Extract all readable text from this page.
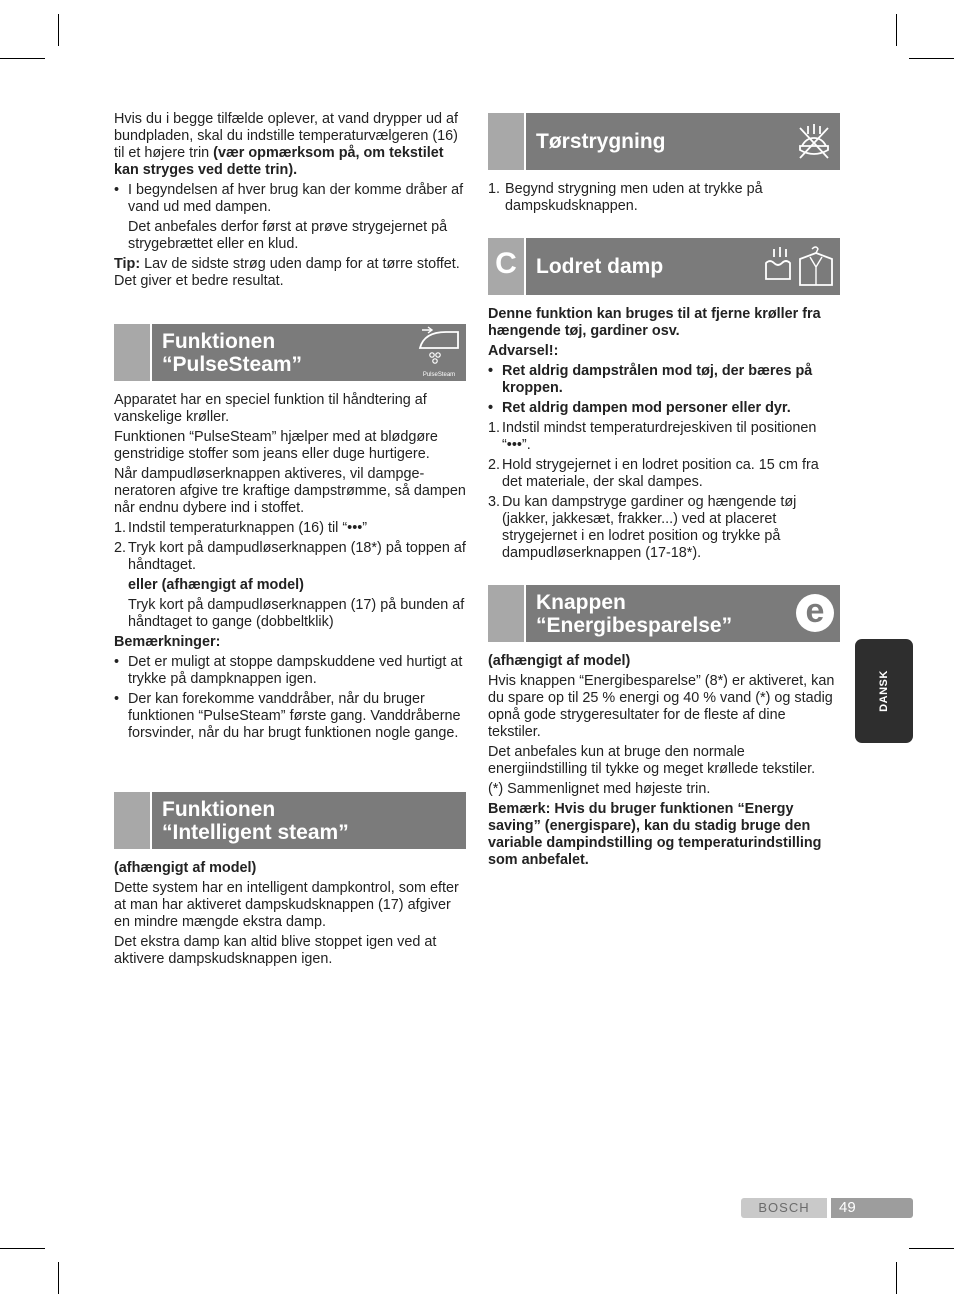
Hvis du i begge tilfælde oplever, at vand drypper ud af bundpladen, skal du indstille temperaturvælgeren (16) til et højere trin (vær opmærksom på, om tekstilet kan stryges ved dette trin).

• I begyndelsen af hver brug kan der komme dråber af vand ud med dampen.
Det anbefales derfor først at prøve strygejernet på strygebrættet eller en klud.

Tip: Lav de sidste strøg uden damp for at tørre stoffet. Det giver et bedre resultat.

Funktionen
“PulseSteam”	PulseSteam

Apparatet har en speciel funktion til håndtering af vanskelige krøller.

Funktionen “PulseSteam” hjælper med at blødgøre genstridige stoffer som jeans eller duge hurtigere.

Når dampudløserknappen aktiveres, vil dampge-neratoren afgive tre kraftige dampstrømme, så dampen når endnu dybere ind i stoffet.

1. Indstil temperaturknappen (16) til “•••”
2. Tryk kort på dampudløserknappen (18*) på toppen af håndtaget.
eller (afhængigt af model)
Tryk kort på dampudløserknappen (17) på bunden af håndtaget to gange (dobbeltklik)

Bemærkninger:

• Det er muligt at stoppe dampskuddene ved hurtigt at trykke på dampknappen igen.
• Der kan forekomme vanddråber, når du bruger funktionen “PulseSteam” første gang. Vanddråberne forsvinder, når du har brugt funktionen nogle gange.
Funktionen
“Intelligent steam”

(afhængigt af model)

Dette system har en intelligent dampkontrol, som efter at man har aktiveret dampskudsknappen (17) afgiver en mindre mængde ekstra damp.

Det ekstra damp kan altid blive stoppet igen ved at aktivere dampskudsknappen igen.

Tørstrygning
1. Begynd strygning men uden at trykke på dampskudsknappen.
C Lodret damp

Denne funktion kan bruges til at fjerne krøller fra hængende tøj, gardiner osv.

Advarsel!:

• Ret aldrig dampstrålen mod tøj, der bæres på kroppen.
• Ret aldrig dampen mod personer eller dyr.
1. Indstil mindst temperaturdrejeskiven til positionen “•••”.
2. Hold strygejernet i en lodret position ca. 15 cm fra det materiale, der skal dampes.
3. Du kan dampstryge gardiner og hængende tøj (jakker, jakkesæt, frakker...) ved at placeret strygejernet i en lodret position og trykke på dampudløserknappen (17-18*).
Knappen
“Energibesparelse” e

(afhængigt af model)

Hvis knappen “Energibesparelse” (8*) er aktiveret, kan du spare op til 25 % energi og 40 % vand (*) og stadig opnå gode strygeresultater for de fleste af dine tekstiler.

Det anbefales kun at bruge den normale energiindstilling til tykke og meget krøllede tekstiler.

(*) Sammenlignet med højeste trin.

Bemærk: Hvis du bruger funktionen “Energy saving” (energispare), kan du stadig bruge den variable dampindstilling og temperaturindstilling som anbefalet.

DANSK
BOSCH	49
